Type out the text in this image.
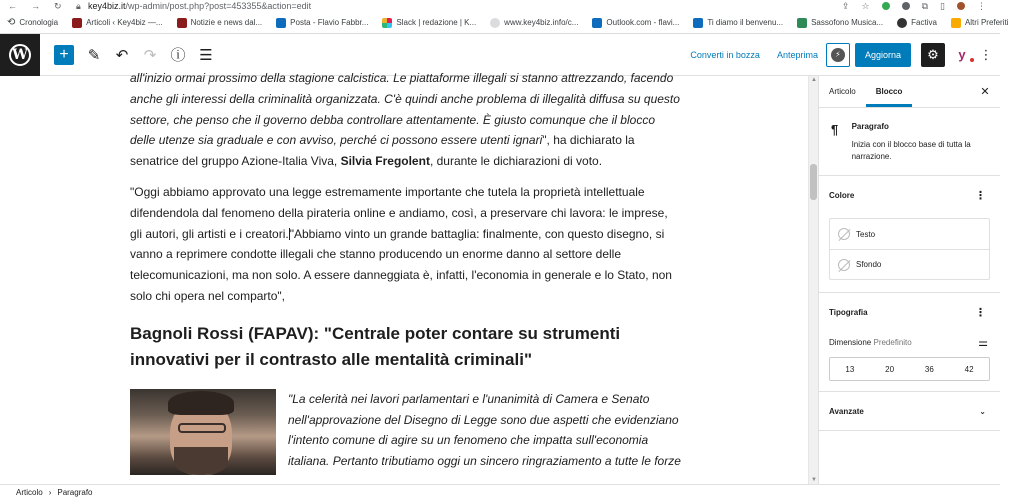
← → ↻ 🔒︎ key4biz.it/wp-admin/post.php?post=453355&action=edit	⇪ ☆	⧉ ▯	⋮
⟲ Cronologia	Articoli ‹ Key4biz —...	Notizie e news dal...	Posta - Flavio Fabbr...	Slack | redazione | K...	www.key4biz.info/c...	Outlook.com - flavi...	Ti diamo il benvenu...	Sassofono Musica...	Factiva	Altri Preferiti
W	+	✎	↶	↷ ⓘ ☰	Converti in bozza	Anteprima	⚡︎	Aggiorna	⚙	y	⋮

all'inizio ormai prossimo della stagione calcistica. Le piattaforme illegali si stanno attrezzando, facendo anche gli interessi della criminalità organizzata. C'è quindi anche problema di illegalità diffusa su questo settore, che penso che il governo debba controllare attentamente. È giusto comunque che il blocco delle utenze sia graduale e con avviso, perché ci possono essere utenti ignari", ha dichiarato la senatrice del gruppo Azione-Italia Viva, Silvia Fregolent, durante le dichiarazioni di voto.

"Oggi abbiamo approvato una legge estremamente importante che tutela la proprietà intellettuale difendendola dal fenomeno della pirateria online e andiamo, così, a preservare chi lavora: le imprese, gli autori, gli artisti e i creatori."Abbiamo vinto un grande battaglia: finalmente, con questo disegno, si vanno a reprimere condotte illegali che stanno producendo un enorme danno al settore delle telecomunicazioni, ma non solo. A essere danneggiata è, infatti, l'economia in generale e lo Stato, non solo chi opera nel comparto",

Bagnoli Rossi (FAPAV): "Centrale poter contare su strumenti innovativi per il contrasto alle mentalità criminali"
"La celerità nei lavori parlamentari e l'unanimità di Camera e Senato nell'approvazione del Disegno di Legge sono due aspetti che evidenziano l'intento comune di agire su un fenomeno che impatta sull'economia italiana. Pertanto tributiamo oggi un sincero ringraziamento a tutte le forze
▲
▼
Articolo	Blocco	✕
¶ Paragrafo
Inizia con il blocco base di tutta la narrazione.
Colore	⋮
Testo
Sfondo
Tipografia	⋮
Dimensione Predefinito	⚌
13	20	36	42
Avanzate	⌄
Articolo › Paragrafo
